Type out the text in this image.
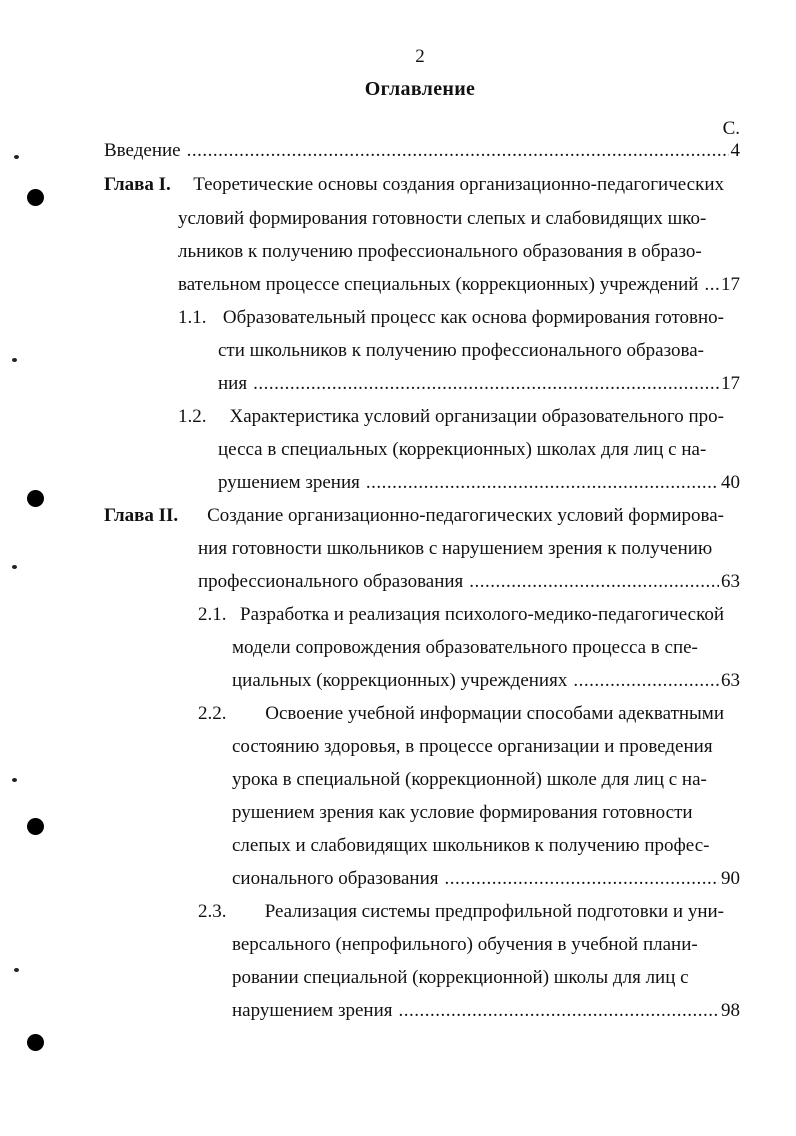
2
Оглавление
С.
Введение .....	4
Глава I. Теоретические основы создания организационно-педагогических
условий формирования готовности слепых и слабовидящих шко-
льников к получению профессионального образования в образо-
вательном процессе специальных (коррекционных) учреждений ..... 17
1.1. Образовательный процесс как основа формирования готовно-
сти школьников к получению профессионального образова-
ния .....	17
1.2. Характеристика условий организации образовательного про-
цесса в специальных (коррекционных) школах для лиц с на-
рушением зрения .....	40
Глава II. Создание организационно-педагогических условий формирова-
ния готовности школьников с нарушением зрения к получению
профессионального образования .....	63
2.1. Разработка и реализация психолого-медико-педагогической
модели сопровождения образовательного процесса в спе-
циальных (коррекционных) учреждениях .....	63
2.2. Освоение учебной информации способами адекватными
состоянию здоровья, в процессе организации и проведения
урока в специальной (коррекционной) школе для лиц с на-
рушением зрения как условие формирования готовности
слепых и слабовидящих школьников к получению профес-
сионального образования .....	90
2.3. Реализация системы предпрофильной подготовки и уни-
версального (непрофильного) обучения в учебной плани-
ровании специальной (коррекционной) школы для лиц с
нарушением зрения .....	98
